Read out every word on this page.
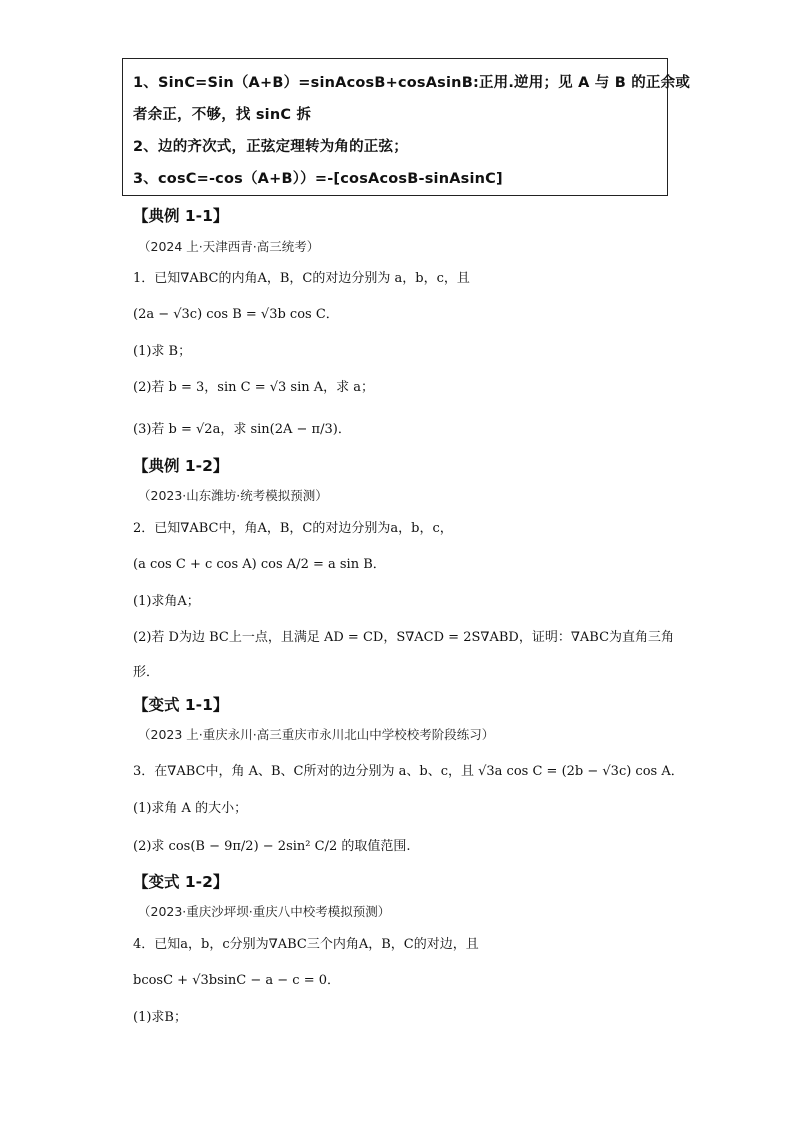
1、SinC=Sin（A+B）=sinAcosB+cosAsinB:正用.逆用；见 A 与 B 的正余或
者余正，不够，找 sinC 拆
2、边的齐次式，正弦定理转为角的正弦；
3、cosC=-cos（A+B））=-[cosAcosB-sinAsinC]
【典例 1-1】
（2024 上·天津西青·高三统考）
1．已知∇ABC的内角A，B，C的对边分别为 a，b，c，且
(2a − √3c) cos B = √3b cos C．
(1)求 B；
(2)若 b = 3，sin C = √3 sin A，求 a；
(3)若 b = √2a，求 sin(2A − π/3)．
【典例 1-2】
（2023·山东潍坊·统考模拟预测）
2．已知∇ABC中，角A，B，C的对边分别为a，b，c，
(a cos C + c cos A) cos A/2 = a sin B．
(1)求角A；
(2)若 D为边 BC上一点，且满足 AD = CD，S∇ACD = 2S∇ABD，证明：∇ABC为直角三角
形．
【变式 1-1】
（2023 上·重庆永川·高三重庆市永川北山中学校校考阶段练习）
3．在∇ABC中，角 A、B、C所对的边分别为 a、b、c，且 √3a cos C = (2b − √3c) cos A．
(1)求角 A 的大小；
(2)求 cos(B − 9π/2) − 2sin² C/2 的取值范围.
【变式 1-2】
（2023·重庆沙坪坝·重庆八中校考模拟预测）
4．已知a，b，c分别为∇ABC三个内角A，B，C的对边，且
bcosC + √3bsinC − a − c = 0．
(1)求B；
